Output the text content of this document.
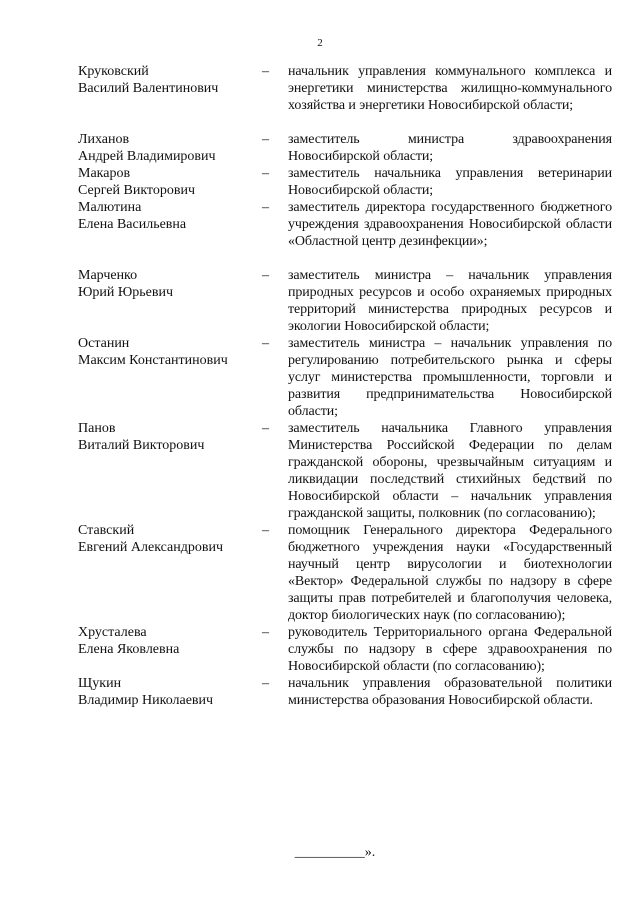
2
Круковский
Василий Валентинович
–	начальник управления коммунального комплекса и энергетики министерства жилищно-коммунального хозяйства и энергетики Новосибирской области;
Лиханов
Андрей Владимирович
–	заместитель министра здравоохранения Новосибирской области;
Макаров
Сергей Викторович
–	заместитель начальника управления ветеринарии Новосибирской области;
Малютина
Елена Васильевна
–	заместитель директора государственного бюджетного учреждения здравоохранения Новосибирской области «Областной центр дезинфекции»;
Марченко
Юрий Юрьевич
–	заместитель министра – начальник управления природных ресурсов и особо охраняемых природных территорий министерства природных ресурсов и экологии Новосибирской области;
Останин
Максим Константинович
–	заместитель министра – начальник управления по регулированию потребительского рынка и сферы услуг министерства промышленности, торговли и развития предпринимательства Новосибирской области;
Панов
Виталий Викторович
–	заместитель начальника Главного управления Министерства Российской Федерации по делам гражданской обороны, чрезвычайным ситуациям и ликвидации последствий стихийных бедствий по Новосибирской области – начальник управления гражданской защиты, полковник (по согласованию);
Ставский
Евгений Александрович
–	помощник Генерального директора Федерального бюджетного учреждения науки «Государственный научный центр вирусологии и биотехнологии «Вектор» Федеральной службы по надзору в сфере защиты прав потребителей и благополучия человека, доктор биологических наук (по согласованию);
Хрусталева
Елена Яковлевна
–	руководитель Территориального органа Федеральной службы по надзору в сфере здравоохранения по Новосибирской области (по согласованию);
Щукин
Владимир Николаевич
–	начальник управления образовательной политики министерства образования Новосибирской области.
__________».
